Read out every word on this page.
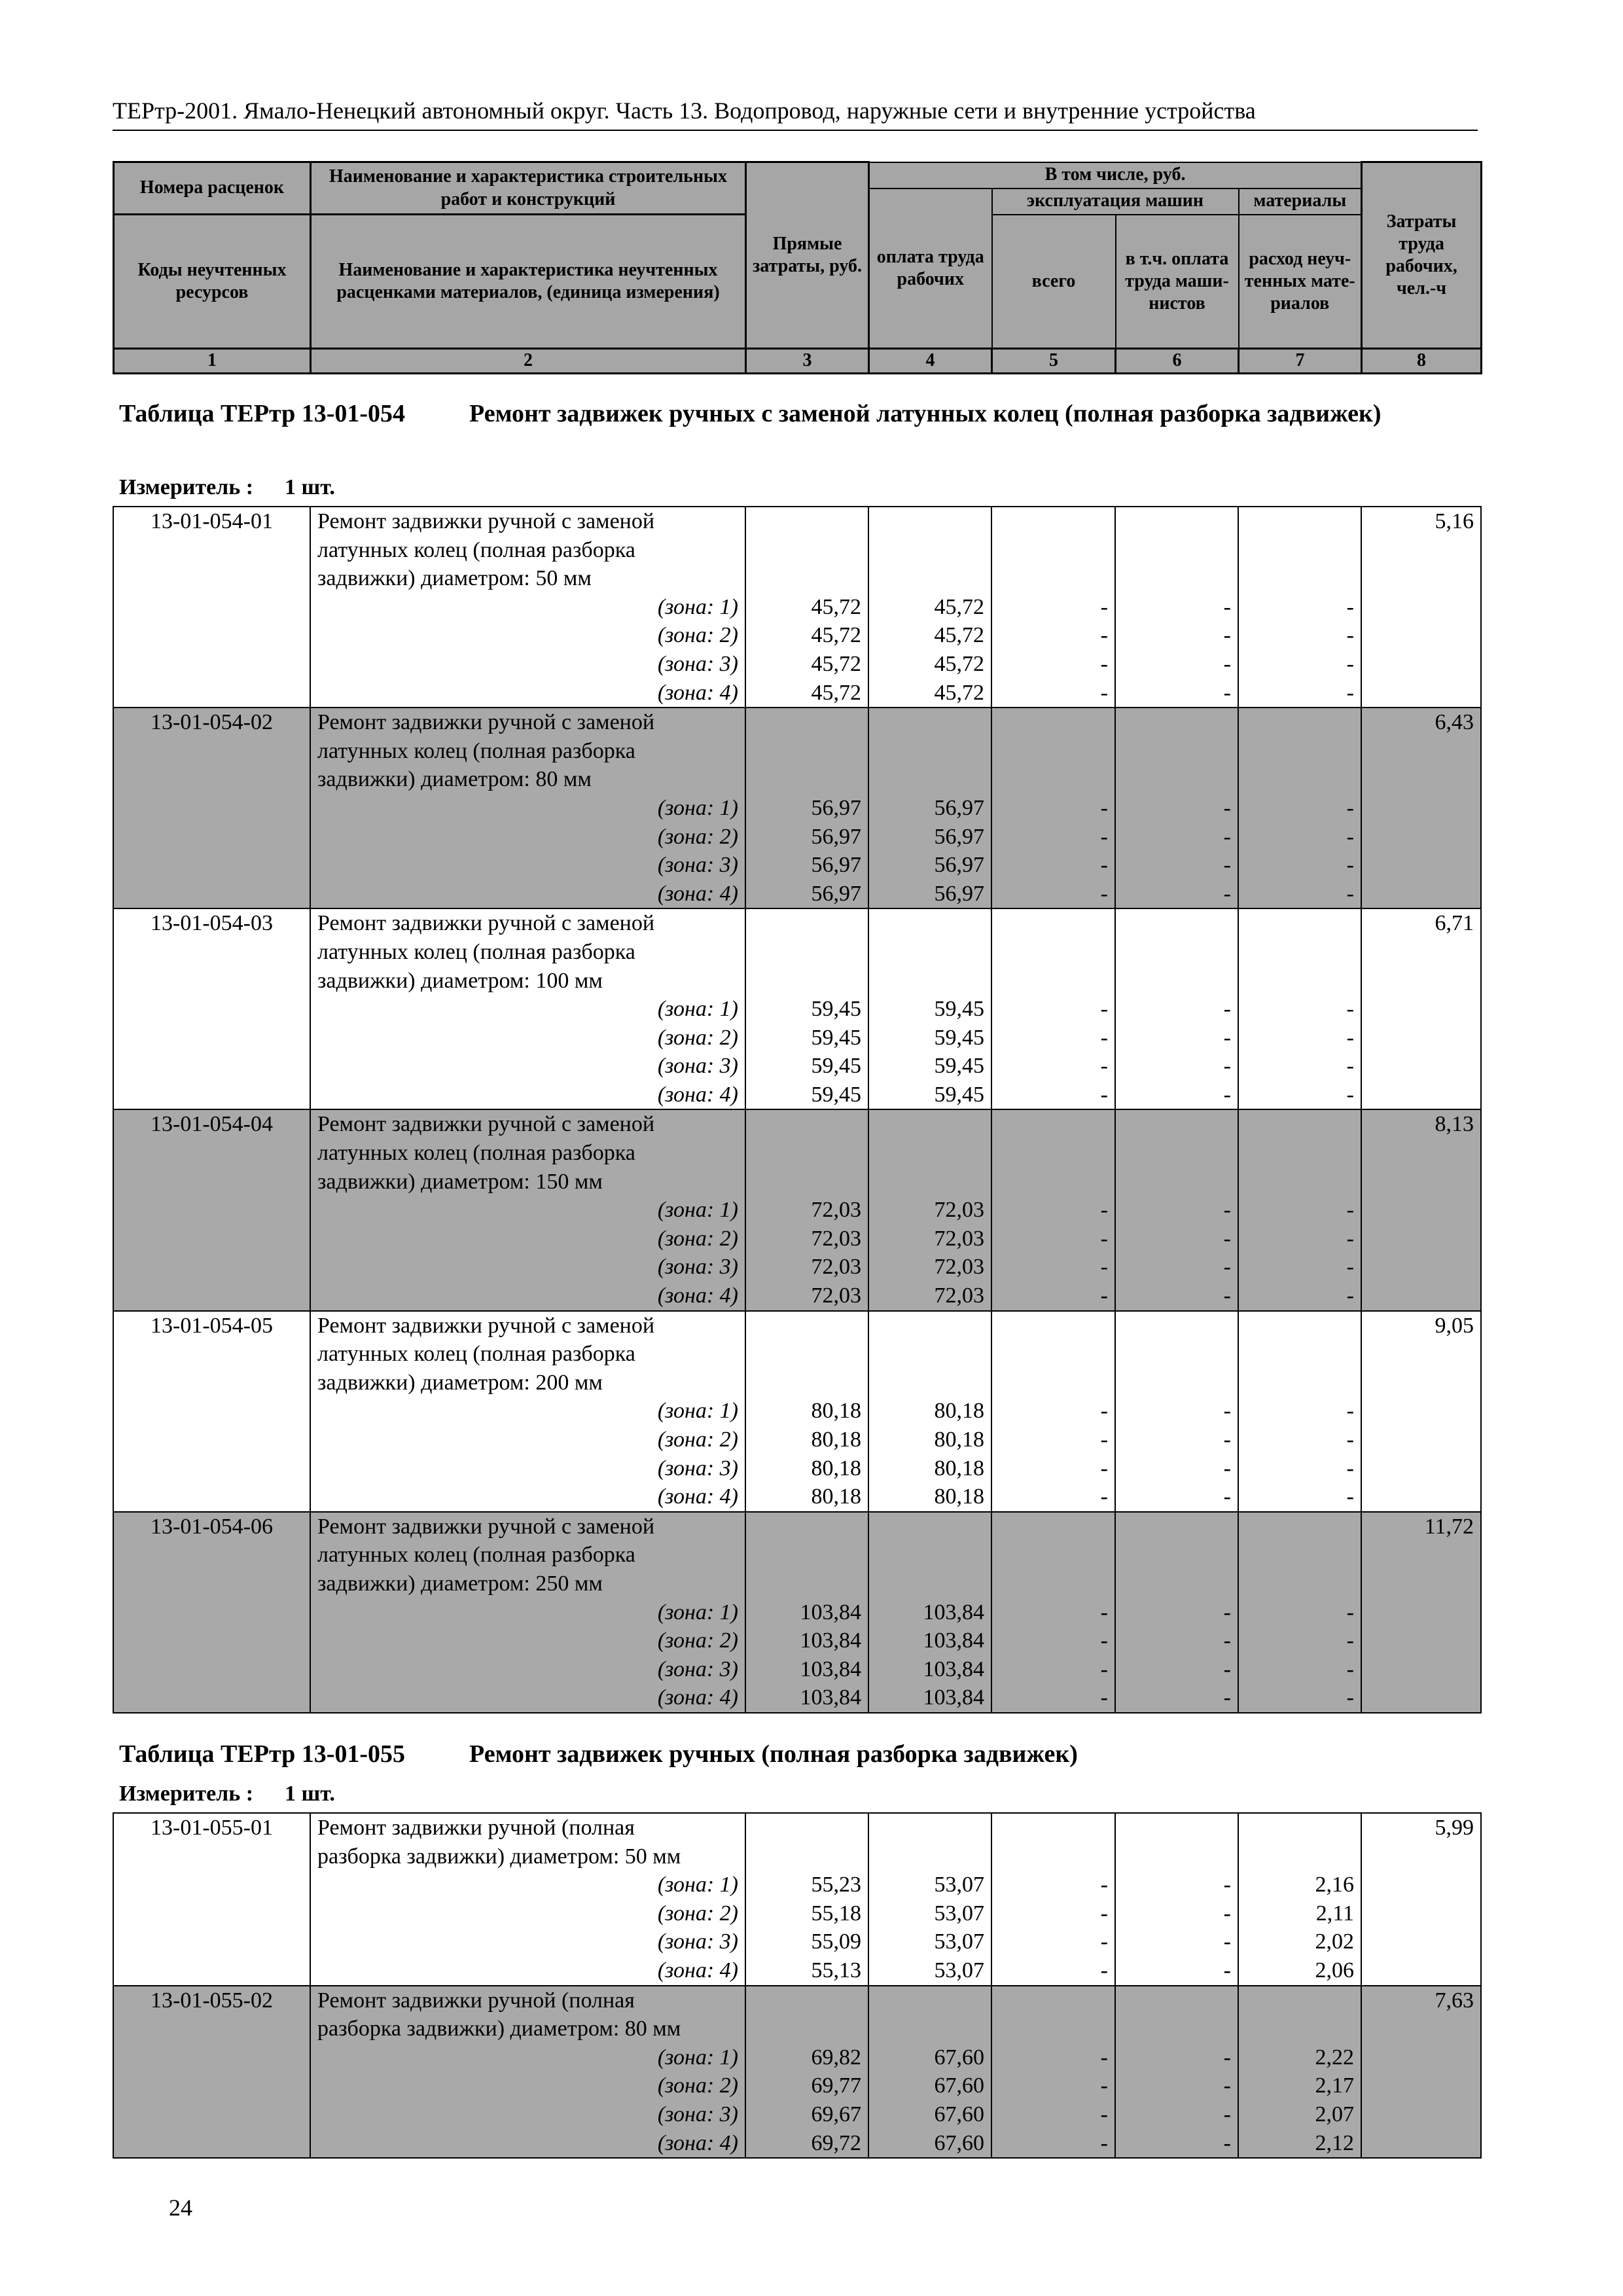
ТЕРтр-2001. Ямало-Ненецкий автономный округ. Часть 13. Водопровод, наружные сети и внутренние устройства
Номера расценок	Наименование и характеристика строительных работ и конструкций	Прямые затраты, руб.	В том числе, руб.				Затраты труда рабочих, чел.-ч
			оплата труда рабочих	эксплуатация машин		материалы	
Коды неучтенных ресурсов	Наименование и характеристика неучтенных расценками материалов, (единица измерения)			всего	в т.ч. оплата труда маши-нистов	расход неуч-тенных мате-риалов	

1	2	3	4	5	6	7	8
Таблица ТЕРтр 13-01-054	Ремонт задвижек ручных с заменой латунных колец (полная разборка задвижек)
Измеритель : 1 шт.
13-01-054-01	Ремонт задвижки ручной с заменой						5,16
	латунных колец (полная разборка						
	задвижки) диаметром: 50 мм						
	(зона: 1)	45,72	45,72	-	-	-	
	(зона: 2)	45,72	45,72	-	-	-	
	(зона: 3)	45,72	45,72	-	-	-	
	(зона: 4)	45,72	45,72	-	-	-	
13-01-054-02	Ремонт задвижки ручной с заменой						6,43
	латунных колец (полная разборка						
	задвижки) диаметром: 80 мм						
	(зона: 1)	56,97	56,97	-	-	-	
	(зона: 2)	56,97	56,97	-	-	-	
	(зона: 3)	56,97	56,97	-	-	-	
	(зона: 4)	56,97	56,97	-	-	-	
13-01-054-03	Ремонт задвижки ручной с заменой						6,71
	латунных колец (полная разборка						
	задвижки) диаметром: 100 мм						
	(зона: 1)	59,45	59,45	-	-	-	
	(зона: 2)	59,45	59,45	-	-	-	
	(зона: 3)	59,45	59,45	-	-	-	
	(зона: 4)	59,45	59,45	-	-	-	
13-01-054-04	Ремонт задвижки ручной с заменой						8,13
	латунных колец (полная разборка						
	задвижки) диаметром: 150 мм						
	(зона: 1)	72,03	72,03	-	-	-	
	(зона: 2)	72,03	72,03	-	-	-	
	(зона: 3)	72,03	72,03	-	-	-	
	(зона: 4)	72,03	72,03	-	-	-	
13-01-054-05	Ремонт задвижки ручной с заменой						9,05
	латунных колец (полная разборка						
	задвижки) диаметром: 200 мм						
	(зона: 1)	80,18	80,18	-	-	-	
	(зона: 2)	80,18	80,18	-	-	-	
	(зона: 3)	80,18	80,18	-	-	-	
	(зона: 4)	80,18	80,18	-	-	-	
13-01-054-06	Ремонт задвижки ручной с заменой						11,72
	латунных колец (полная разборка						
	задвижки) диаметром: 250 мм						
	(зона: 1)	103,84	103,84	-	-	-	
	(зона: 2)	103,84	103,84	-	-	-	
	(зона: 3)	103,84	103,84	-	-	-	
	(зона: 4)	103,84	103,84	-	-	-	
Таблица ТЕРтр 13-01-055	Ремонт задвижек ручных (полная разборка задвижек)
Измеритель : 1 шт.
13-01-055-01	Ремонт задвижки ручной (полная						5,99
	разборка задвижки) диаметром: 50 мм						
	(зона: 1)	55,23	53,07	-	-	2,16	
	(зона: 2)	55,18	53,07	-	-	2,11	
	(зона: 3)	55,09	53,07	-	-	2,02	
	(зона: 4)	55,13	53,07	-	-	2,06	
13-01-055-02	Ремонт задвижки ручной (полная						7,63
	разборка задвижки) диаметром: 80 мм						
	(зона: 1)	69,82	67,60	-	-	2,22	
	(зона: 2)	69,77	67,60	-	-	2,17	
	(зона: 3)	69,67	67,60	-	-	2,07	
	(зона: 4)	69,72	67,60	-	-	2,12	
24
